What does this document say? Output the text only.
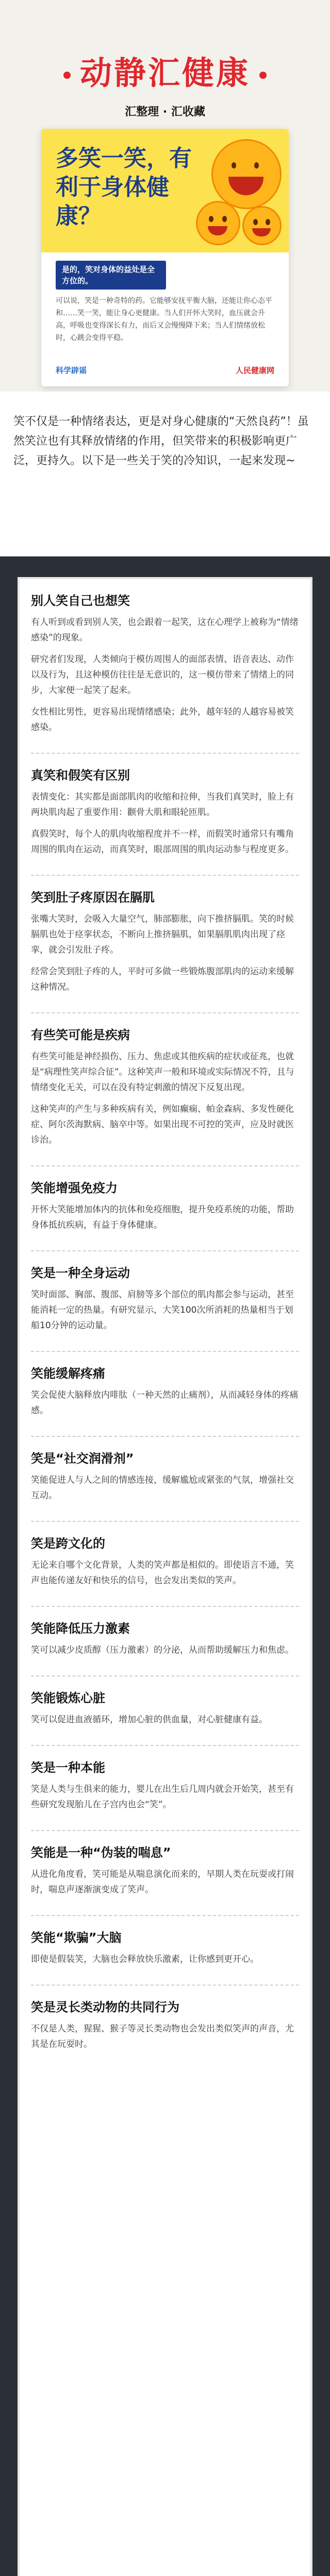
动静汇健康
汇整理 · 汇收藏
多笑一笑，有利于身体健康？
是的，笑对身体的益处是全方位的。
可以说，笑是一种奇特的药。它能够安抚平衡大脑，还能让你心态平和……笑一笑，能让身心更健康。当人们开怀大笑时，血压就会升高，呼吸也变得深长有力，而后又会慢慢降下来；当人们情绪放松时，心跳会变得平稳。
科学辟谣	人民健康网

笑不仅是一种情绪表达，更是对身心健康的“天然良药”！虽然笑泣也有其释放情绪的作用，但笑带来的积极影响更广泛，更持久。以下是一些关于笑的冷知识，一起来发现~

别人笑自己也想笑

有人听到或看到别人笑，也会跟着一起笑，这在心理学上被称为“情绪感染”的现象。

研究者们发现，人类倾向于模仿周围人的面部表情、语音表达、动作以及行为，且这种模仿往往是无意识的，这一模仿带来了情绪上的同步，大家便一起笑了起来。

女性相比男性，更容易出现情绪感染；此外，越年轻的人越容易被笑感染。

真笑和假笑有区别

表情变化：其实都是面部肌肉的收缩和拉伸，当我们真笑时，脸上有两块肌肉起了重要作用：颧骨大肌和眼轮匝肌。

真假笑时，每个人的肌肉收缩程度并不一样，而假笑时通常只有嘴角周围的肌肉在运动，而真笑时，眼部周围的肌肉运动参与程度更多。

笑到肚子疼原因在膈肌

张嘴大笑时，会吸入大量空气，肺部膨胀，向下推挤膈肌。笑的时候膈肌也处于痉挛状态，不断向上推挤膈肌，如果膈肌肌肉出现了痉挛，就会引发肚子疼。

经常会笑到肚子疼的人，平时可多做一些锻炼腹部肌肉的运动来缓解这种情况。

有些笑可能是疾病

有些笑可能是神经损伤、压力、焦虑或其他疾病的症状或征兆，也就是“病理性笑声综合征”。这种笑声一般和环境或实际情况不符，且与情绪变化无关，可以在没有特定刺激的情况下反复出现。

这种笑声的产生与多种疾病有关，例如癫痫、帕金森病、多发性硬化症、阿尔茨海默病、脑卒中等。如果出现不可控的笑声，应及时就医诊治。

笑能增强免疫力

开怀大笑能增加体内的抗体和免疫细胞，提升免疫系统的功能，帮助身体抵抗疾病，有益于身体健康。

笑是一种全身运动

笑时面部、胸部、腹部、肩膀等多个部位的肌肉都会参与运动，甚至能消耗一定的热量。有研究显示，大笑100次所消耗的热量相当于划船10分钟的运动量。

笑能缓解疼痛

笑会促使大脑释放内啡肽（一种天然的止痛剂），从而减轻身体的疼痛感。

笑是“社交润滑剂”

笑能促进人与人之间的情感连接，缓解尴尬或紧张的气氛，增强社交互动。

笑是跨文化的

无论来自哪个文化背景，人类的笑声都是相似的。即使语言不通，笑声也能传递友好和快乐的信号，也会发出类似的笑声。

笑能降低压力激素

笑可以减少皮质醇（压力激素）的分泌，从而帮助缓解压力和焦虑。

笑能锻炼心脏

笑可以促进血液循环，增加心脏的供血量，对心脏健康有益。

笑是一种本能

笑是人类与生俱来的能力，婴儿在出生后几周内就会开始笑，甚至有些研究发现胎儿在子宫内也会“笑”。

笑能是一种“伪装的喘息”

从进化角度看，笑可能是从喘息演化而来的，早期人类在玩耍或打闹时，喘息声逐渐演变成了笑声。

笑能“欺骗”大脑

即使是假装笑，大脑也会释放快乐激素，让你感到更开心。

笑是灵长类动物的共同行为

不仅是人类，猩猩、猴子等灵长类动物也会发出类似笑声的声音，尤其是在玩耍时。
